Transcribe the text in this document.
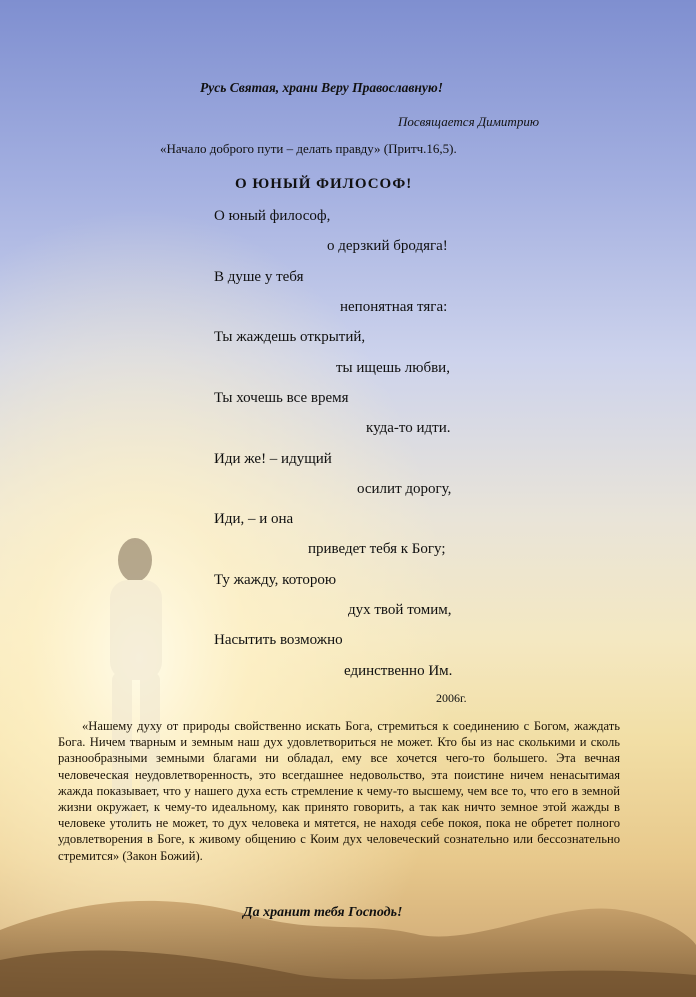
Русь Святая, храни Веру Православную!
Посвящается Димитрию
«Начало доброго пути – делать правду» (Притч.16,5).
О ЮНЫЙ ФИЛОСОФ!
О юный философ,
о дерзкий бродяга!
В душе у тебя
непонятная тяга:
Ты жаждешь открытий,
ты ищешь любви,
Ты хочешь все время
куда-то идти.
Иди же! – идущий
осилит дорогу,
Иди, – и она
приведет тебя к Богу;
Ту жажду, которою
дух твой томим,
Насытить возможно
единственно Им.
2006г.
«Нашему духу от природы свойственно искать Бога, стремиться к соединению с Богом, жаждать Бога. Ничем тварным и земным наш дух удовлетвориться не может. Кто бы из нас сколькими и сколь разнообразными земными благами ни обладал, ему все хочется чего-то большего. Эта вечная человеческая неудовлетворенность, это всегдашнее недовольство, эта поистине ничем ненасытимая жажда показывает, что у нашего духа есть стремление к чему-то высшему, чем все то, что его в земной жизни окружает, к чему-то идеальному, как принято говорить, а так как ничто земное этой жажды в человеке утолить не может, то дух человека и мятется, не находя себе покоя, пока не обретет полного удовлетворения в Боге, к живому общению с Коим дух человеческий сознательно или бессознательно стремится» (Закон Божий).
Да хранит тебя Господь!
